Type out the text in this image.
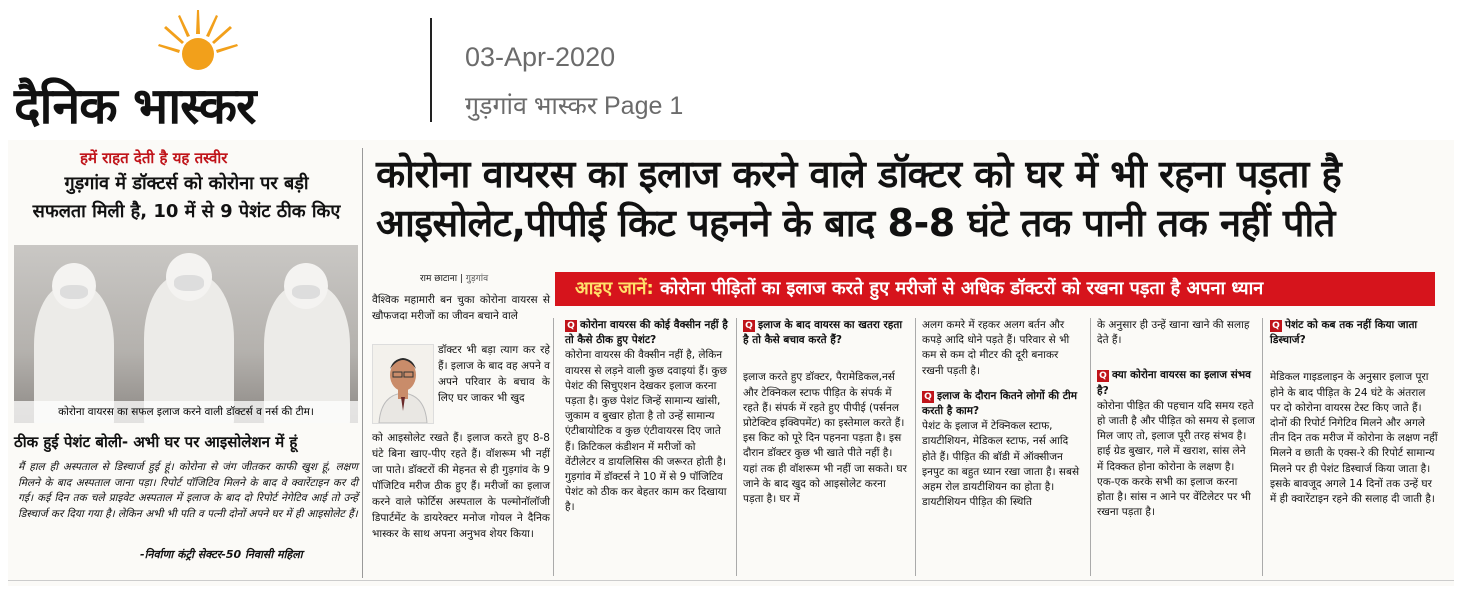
दैनिक भास्कर
03-Apr-2020
गुड़गांव भास्कर Page 1
हमें राहत देती है यह तस्वीर
गुड़गांव में डॉक्टर्स को कोरोना पर बड़ी
सफलता मिली है, 10 में से 9 पेशंट ठीक किए
कोरोना वायरस का सफल इलाज करने वाली डॉक्टर्स व नर्स की टीम।
ठीक हुई पेशंट बोली- अभी घर पर आइसोलेशन में हूं
मैं हाल ही अस्पताल से डिस्चार्ज हुई हूं। कोरोना से जंग जीतकर काफी खुश हूं, लक्षण मिलने के बाद अस्पताल जाना पड़ा। रिपोर्ट पॉजिटिव मिलने के बाद वे क्वारेंटाइन कर दी गई। कई दिन तक चले प्राइवेट अस्पताल में इलाज के बाद दो रिपोर्ट नेगेटिव आई तो उन्हें डिस्चार्ज कर दिया गया है। लेकिन अभी भी पति व पत्नी दोनों अपने घर में ही आइसोलेट हैं।
-निर्वाणा कंट्री सेक्टर-50 निवासी महिला
कोरोना वायरस का इलाज करने वाले डॉक्टर को घर में भी रहना पड़ता है
आइसोलेट,पीपीई किट पहनने के बाद 8-8 घंटे तक पानी तक नहीं पीते
राम छाटाना | गुड़गांव
वैश्विक महामारी बन चुका कोरोना वायरस से खौफजदा मरीजों का जीवन बचाने वाले
डॉक्टर भी बड़ा त्याग कर रहे हैं। इलाज के बाद वह अपने व अपने परिवार के बचाव के लिए घर जाकर भी खुद
को आइसोलेट रखते हैं। इलाज करते हुए 8-8 घंटे बिना खाए-पीए रहते हैं। वॉशरूम भी नहीं जा पाते। डॉक्टरों की मेहनत से ही गुड़गांव के 9 पॉजिटिव मरीज ठीक हुए हैं। मरीजों का इलाज करने वाले फोर्टिस अस्पताल के पल्मोनॉलॉजी डिपार्टमेंट के डायरेक्टर मनोज गोयल ने दैनिक भास्कर के साथ अपना अनुभव शेयर किया।
आइए जानें: कोरोना पीड़ितों का इलाज करते हुए मरीजों से अधिक डॉक्टरों को रखना पड़ता है अपना ध्यान
Q कोरोना वायरस की कोई वैक्सीन नहीं है तो कैसे ठीक हुए पेशंट?
कोरोना वायरस की वैक्सीन नहीं है, लेकिन वायरस से लड़ने वाली कुछ दवाइयां हैं। कुछ पेशंट की सिचुएशन देखकर इलाज करना पड़ता है। कुछ पेशंट जिन्हें सामान्य खांसी, जुकाम व बुखार होता है तो उन्हें सामान्य एंटीबायोटिक व कुछ एंटीवायरस दिए जाते हैं। क्रिटिकल कंडीशन में मरीजों को वेंटीलेटर व डायलिसिस की जरूरत होती है। गुड़गांव में डॉक्टर्स ने 10 में से 9 पॉजिटिव पेशंट को ठीक कर बेहतर काम कर दिखाया है।
Q इलाज के बाद वायरस का खतरा रहता है तो कैसे बचाव करते हैं?
इलाज करते हुए डॉक्टर, पैरामेडिकल,नर्स और टेक्निकल स्टाफ पीड़ित के संपर्क में रहते हैं। संपर्क में रहते हुए पीपीई (पर्सनल प्रोटेक्टिव इक्विपमेंट) का इस्तेमाल करते हैं। इस किट को पूरे दिन पहनना पड़ता है। इस दौरान डॉक्टर कुछ भी खाते पीते नहीं है। यहां तक ही वॉशरूम भी नहीं जा सकते। घर जाने के बाद खुद को आइसोलेट करना पड़ता है। घर में
अलग कमरे में रहकर अलग बर्तन और कपड़े आदि धोने पड़ते हैं। परिवार से भी कम से कम दो मीटर की दूरी बनाकर रखनी पड़ती है।
Q इलाज के दौरान कितने लोगों की टीम करती है काम?
पेशंट के इलाज में टेक्निकल स्टाफ, डायटीशियन, मेडिकल स्टाफ, नर्स आदि होते हैं। पीड़ित की बॉडी में ऑक्सीजन इनपुट का बहुत ध्यान रखा जाता है। सबसे अहम रोल डायटीशियन का होता है। डायटीशियन पीड़ित की स्थिति
के अनुसार ही उन्हें खाना खाने की सलाह देते हैं।
Q क्या कोरोना वायरस का इलाज संभव है?
कोरोना पीड़ित की पहचान यदि समय रहते हो जाती है और पीड़ित को समय से इलाज मिल जाए तो, इलाज पूरी तरह संभव है। हाई ग्रेड बुखार, गले में खराश, सांस लेने में दिक्कत होना कोरोना के लक्षण है। एक-एक करके सभी का इलाज करना होता है। सांस न आने पर वेंटिलेटर पर भी रखना पड़ता है।
Q पेशंट को कब तक नहीं किया जाता डिस्चार्ज?
मेडिकल गाइडलाइन के अनुसार इलाज पूरा होने के बाद पीड़ित के 24 घंटे के अंतराल पर दो कोरोना वायरस टेस्ट किए जाते हैं। दोनों की रिपोर्ट निगेटिव मिलने और अगले तीन दिन तक मरीज में कोरोना के लक्षण नहीं मिलने व छाती के एक्स-रे की रिपोर्ट सामान्य मिलने पर ही पेशंट डिस्चार्ज किया जाता है। इसके बावजूद अगले 14 दिनों तक उन्हें घर में ही क्वारेंटाइन रहने की सलाह दी जाती है।
